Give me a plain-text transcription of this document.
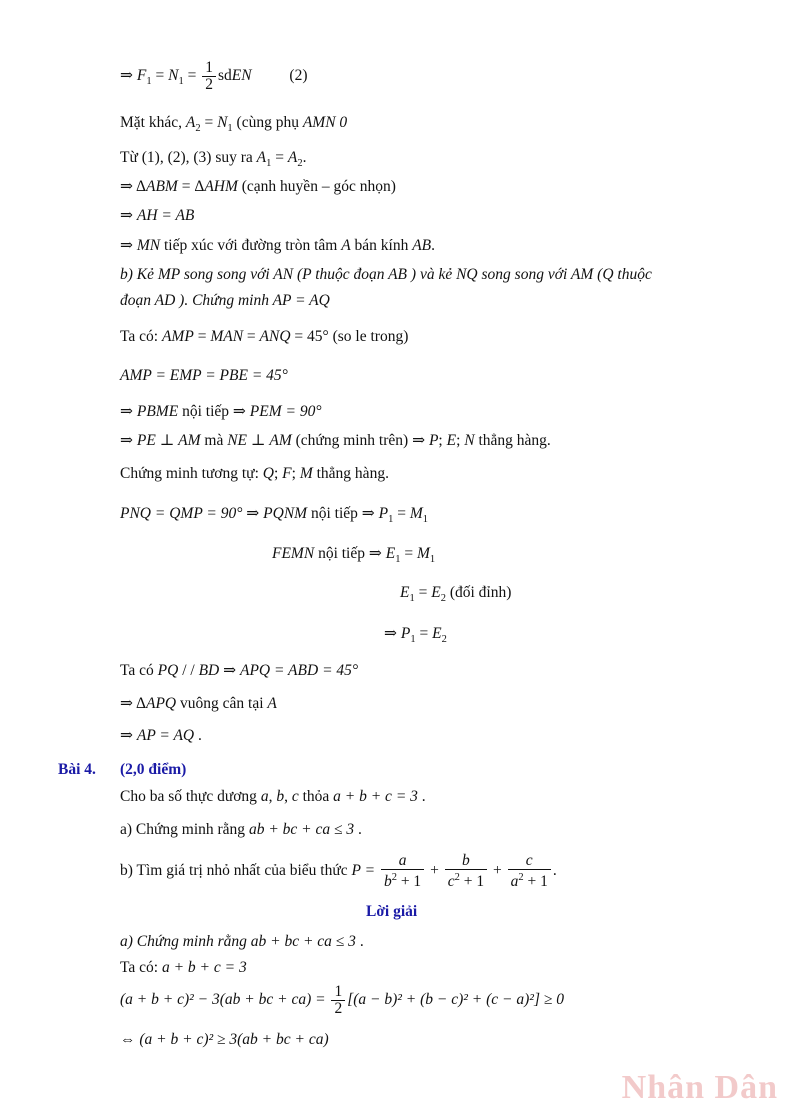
⇒ $F_1 = N_1 = \frac{1}{2}$ sdEN (2)
Mặt khác, $A_2 = N_1$ (cùng phụ AMN 0
Từ (1), (2), (3) suy ra $A_1 = A_2$.
⇒ ΔABM = ΔAHM (cạnh huyền – góc nhọn)
⇒ AH = AB
⇒ MN tiếp xúc với đường tròn tâm A bán kính AB.
b) Kẻ MP song song với AN (P thuộc đoạn AB ) và kẻ NQ song song với AM (Q thuộc
đoạn AD ). Chứng minh AP = AQ
Ta có: AMP = MAN = ANQ = 45° (so le trong)
AMP = EMP = PBE = 45°
⇒ PBME nội tiếp ⇒ PEM = 90°
⇒ PE ⊥ AM mà NE ⊥ AM (chứng minh trên) ⇒ P; E; N thẳng hàng.
Chứng minh tương tự: Q; F; M thẳng hàng.
PNQ = QMP = 90° ⇒ PQNM nội tiếp ⇒ $P_1 = M_1$
FEMN nội tiếp ⇒ $E_1 = M_1$
$E_1 = E_2$ (đối đỉnh)
⇒ $P_1 = E_2$
Ta có PQ / / BD ⇒ APQ = ABD = 45°
⇒ ΔAPQ vuông cân tại A
⇒ AP = AQ .
Bài 4. (2,0 điểm)
Cho ba số thực dương a, b, c thỏa a + b + c = 3 .
a) Chứng minh rằng ab + bc + ca ≤ 3 .
b) Tìm giá trị nhỏ nhất của biểu thức $P = \frac{a}{b^2 + 1} + \frac{b}{c^2 + 1} + \frac{c}{a^2 + 1}$ .
Lời giải
a) Chứng minh rằng ab + bc + ca ≤ 3 .
Ta có: a + b + c = 3
(a + b + c)² − 3(ab + bc + $ca) = \frac{1}{2} [(a - b)^2 + (b - c)^2 + (c - a)^2] \ge 0$
⇔ (a + b + c)² ≥ 3(ab + bc + ca)
Nhân Dân
